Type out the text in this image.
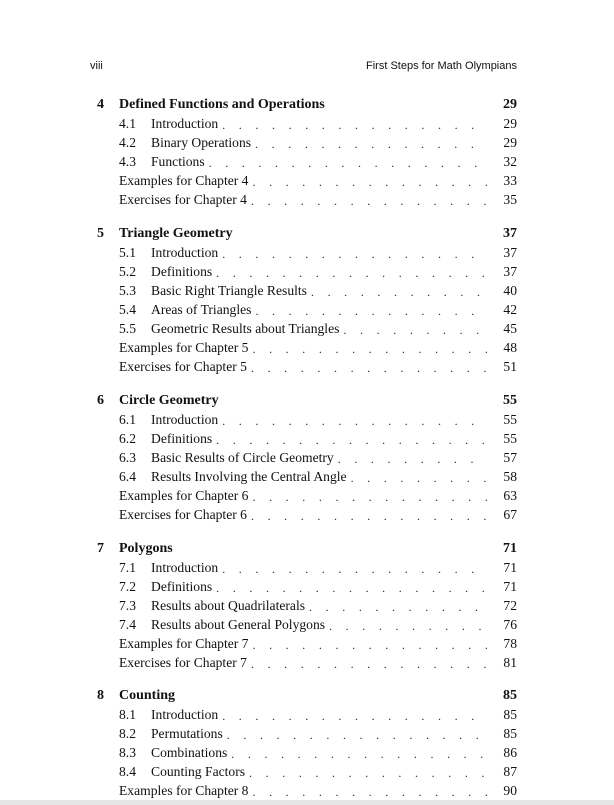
viii	First Steps for Math Olympians
4 Defined Functions and Operations	29
4.1 Introduction . . .	29
4.2 Binary Operations . . .	29
4.3 Functions . . .	32
Examples for Chapter 4 . . .	33
Exercises for Chapter 4 . . .	35
5 Triangle Geometry	37
5.1 Introduction . . .	37
5.2 Definitions . . .	37
5.3 Basic Right Triangle Results . . .	40
5.4 Areas of Triangles . . .	42
5.5 Geometric Results about Triangles . . .	45
Examples for Chapter 5 . . .	48
Exercises for Chapter 5 . . .	51
6 Circle Geometry	55
6.1 Introduction . . .	55
6.2 Definitions . . .	55
6.3 Basic Results of Circle Geometry . . .	57
6.4 Results Involving the Central Angle . . .	58
Examples for Chapter 6 . . .	63
Exercises for Chapter 6 . . .	67
7 Polygons	71
7.1 Introduction . . .	71
7.2 Definitions . . .	71
7.3 Results about Quadrilaterals . . .	72
7.4 Results about General Polygons . . .	76
Examples for Chapter 7 . . .	78
Exercises for Chapter 7 . . .	81
8 Counting	85
8.1 Introduction . . .	85
8.2 Permutations . . .	85
8.3 Combinations . . .	86
8.4 Counting Factors . . .	87
Examples for Chapter 8 . . .	90
